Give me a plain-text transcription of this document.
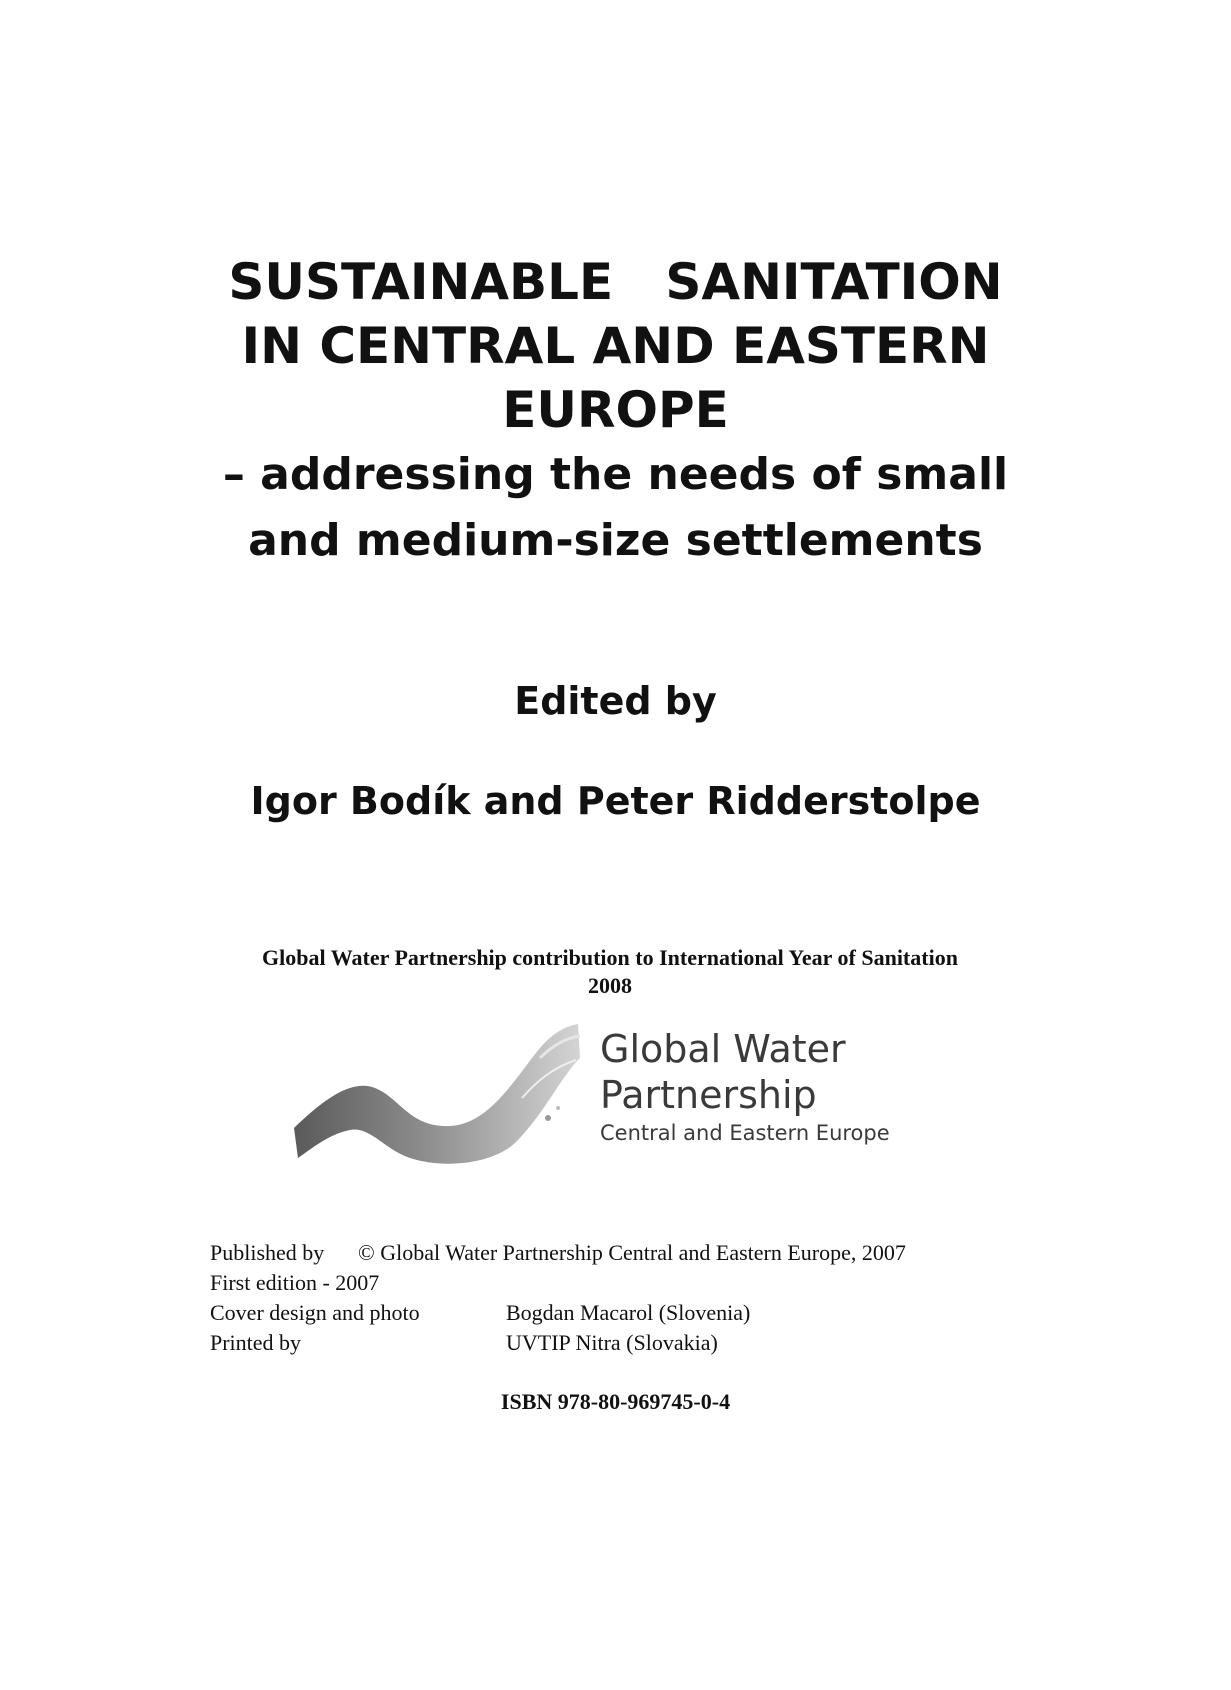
SUSTAINABLE   SANITATION
IN CENTRAL AND EASTERN
EUROPE
– addressing the needs of small
and medium-size settlements
Edited by
Igor Bodík and Peter Ridderstolpe
Global Water Partnership contribution to International Year of Sanitation
2008
Global Water
Partnership
Central and Eastern Europe
Published by	© Global Water Partnership Central and Eastern Europe, 2007
First edition - 2007
Cover design and photo	Bogdan Macarol (Slovenia)
Printed by	UVTIP Nitra (Slovakia)
ISBN 978-80-969745-0-4
